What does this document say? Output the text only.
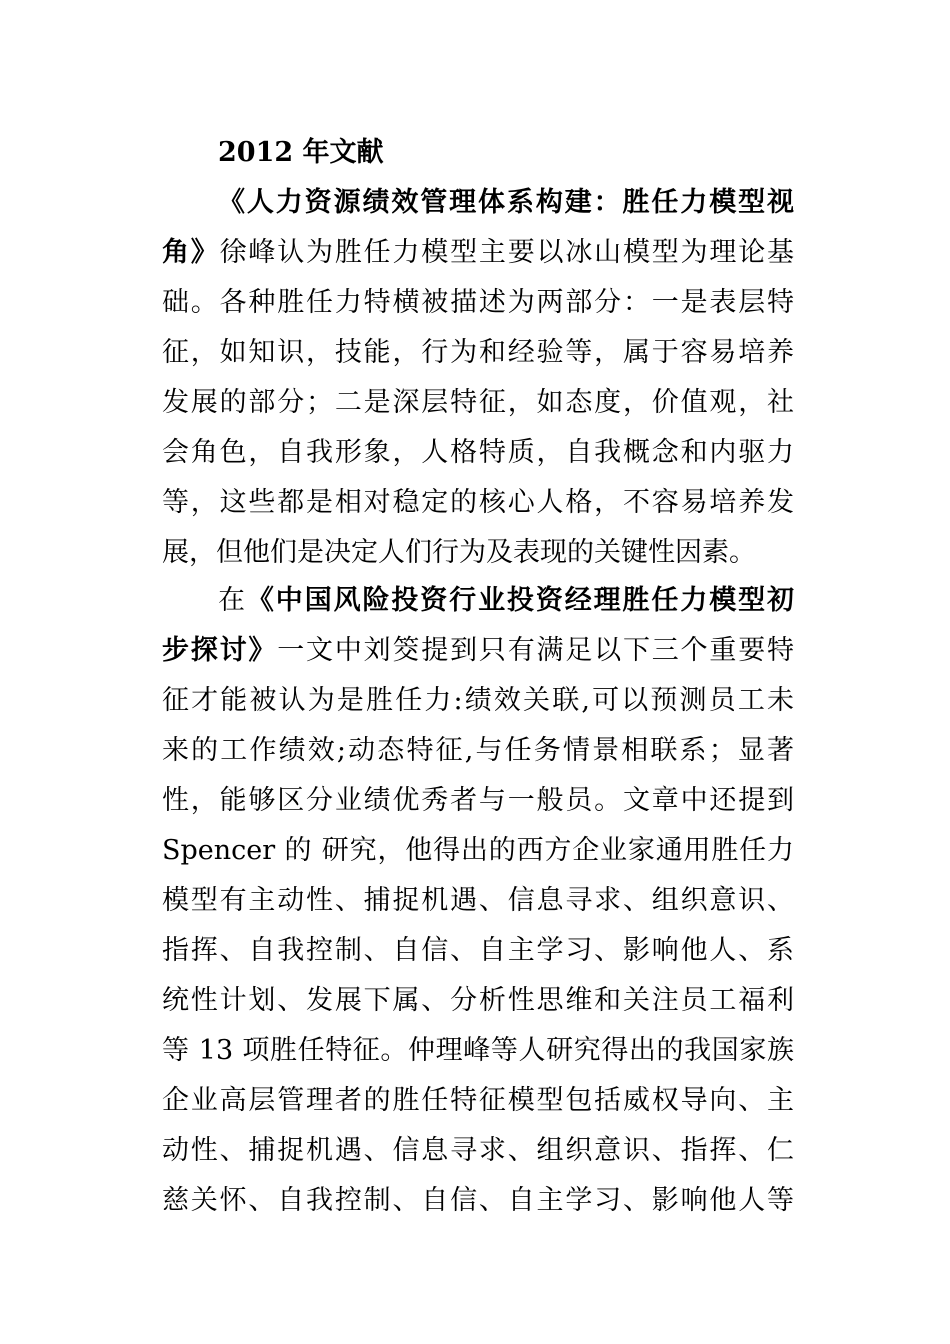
2012 年文献
《人力资源绩效管理体系构建：胜任力模型视
角》徐峰认为胜任力模型主要以冰山模型为理论基
础。各种胜任力特横被描述为两部分：一是表层特
征，如知识，技能，行为和经验等，属于容易培养
发展的部分；二是深层特征，如态度，价值观，社
会角色，自我形象，人格特质，自我概念和内驱力
等，这些都是相对稳定的核心人格，不容易培养发
展，但他们是决定人们行为及表现的关键性因素。
在《中国风险投资行业投资经理胜任力模型初
步探讨》一文中刘筊提到只有满足以下三个重要特
征才能被认为是胜任力:绩效关联,可以预测员工未
来的工作绩效;动态特征,与任务情景相联系；显著
性，能够区分业绩优秀者与一般员。文章中还提到
Spencer 的 研究，他得出的西方企业家通用胜任力
模型有主动性、捕捉机遇、信息寻求、组织意识、
指挥、自我控制、自信、自主学习、影响他人、系
统性计划、发展下属、分析性思维和关注员工福利
等 13 项胜任特征。仲理峰等人研究得出的我国家族
企业高层管理者的胜任特征模型包括威权导向、主
动性、捕捉机遇、信息寻求、组织意识、指挥、仁
慈关怀、自我控制、自信、自主学习、影响他人等
